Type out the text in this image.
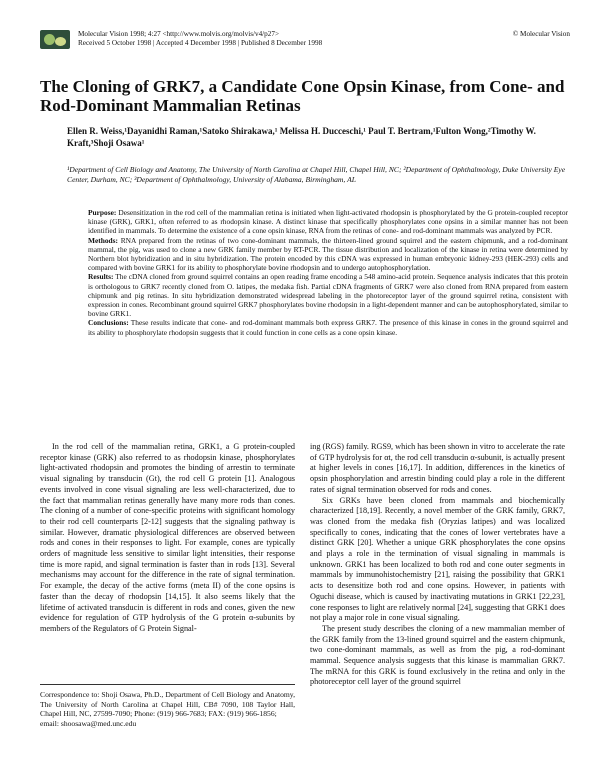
Molecular Vision 1998; 4:27 <http://www.molvis.org/molvis/v4/p27>
Received 5 October 1998 | Accepted 4 December 1998 | Published 8 December 1998
© Molecular Vision
The Cloning of GRK7, a Candidate Cone Opsin Kinase, from Cone- and Rod-Dominant Mammalian Retinas
Ellen R. Weiss,¹Dayanidhi Raman,¹Satoko Shirakawa,¹ Melissa H. Ducceschi,¹ Paul T. Bertram,¹Fulton Wong,²Timothy W. Kraft,³Shoji Osawa¹
¹Department of Cell Biology and Anatomy, The University of North Carolina at Chapel Hill, Chapel Hill, NC; ²Department of Ophthalmology, Duke University Eye Center, Durham, NC; ³Department of Ophthalmology, University of Alabama, Birmingham, AL

Purpose: Desensitization in the rod cell of the mammalian retina is initiated when light-activated rhodopsin is phosphorylated by the G protein-coupled receptor kinase (GRK), GRK1, often referred to as rhodopsin kinase. A distinct kinase that specifically phosphorylates cone opsins in a similar manner has not been identified in mammals. To determine the existence of a cone opsin kinase, RNA from the retinas of cone- and rod-dominant mammals was analyzed by PCR.

Methods: RNA prepared from the retinas of two cone-dominant mammals, the thirteen-lined ground squirrel and the eastern chipmunk, and a rod-dominant mammal, the pig, was used to clone a new GRK family member by RT-PCR. The tissue distribution and localization of the kinase in retina were determined by Northern blot hybridization and in situ hybridization. The protein encoded by this cDNA was expressed in human embryonic kidney-293 (HEK-293) cells and compared with bovine GRK1 for its ability to phosphorylate bovine rhodopsin and to undergo autophosphorylation.

Results: The cDNA cloned from ground squirrel contains an open reading frame encoding a 548 amino-acid protein. Sequence analysis indicates that this protein is orthologous to GRK7 recently cloned from O. latipes, the medaka fish. Partial cDNA fragments of GRK7 were also cloned from RNA prepared from eastern chipmunk and pig retinas. In situ hybridization demonstrated widespread labeling in the photoreceptor layer of the ground squirrel retina, consistent with expression in cones. Recombinant ground squirrel GRK7 phosphorylates bovine rhodopsin in a light-dependent manner and can be autophosphorylated, similar to bovine GRK1.

Conclusions: These results indicate that cone- and rod-dominant mammals both express GRK7. The presence of this kinase in cones in the ground squirrel and its ability to phosphorylate rhodopsin suggests that it could function in cone cells as a cone opsin kinase.

In the rod cell of the mammalian retina, GRK1, a G protein-coupled receptor kinase (GRK) also referred to as rhodopsin kinase, phosphorylates light-activated rhodopsin and promotes the binding of arrestin to terminate visual signaling by transducin (Gt), the rod cell G protein [1]. Analogous events involved in cone visual signaling are less well-characterized, due to the fact that mammalian retinas generally have many more rods than cones. The cloning of a number of cone-specific proteins with significant homology to their rod cell counterparts [2-12] suggests that the signaling pathway is similar. However, dramatic physiological differences are observed between rods and cones in their responses to light. For example, cones are typically orders of magnitude less sensitive to similar light intensities, their response time is more rapid, and signal termination is faster than in rods [13]. Several mechanisms may account for the difference in the rate of signal termination. For example, the decay of the active forms (meta II) of the cone opsins is faster than the decay of rhodopsin [14,15]. It also seems likely that the lifetime of activated transducin is different in rods and cones, given the new evidence for regulation of GTP hydrolysis of the G protein α-subunits by members of the Regulators of G Protein Signal-

ing (RGS) family. RGS9, which has been shown in vitro to accelerate the rate of GTP hydrolysis for αt, the rod cell transducin α-subunit, is actually present at higher levels in cones [16,17]. In addition, differences in the kinetics of opsin phosphorylation and arrestin binding could play a role in the different rates of signal termination observed for rods and cones.

Six GRKs have been cloned from mammals and biochemically characterized [18,19]. Recently, a novel member of the GRK family, GRK7, was cloned from the medaka fish (Oryzias latipes) and was localized specifically to cones, indicating that the cones of lower vertebrates have a distinct GRK [20]. Whether a unique GRK phosphorylates the cone opsins and plays a role in the termination of visual signaling in mammals is unknown. GRK1 has been localized to both rod and cone outer segments in mammals by immunohistochemistry [21], raising the possibility that GRK1 acts to desensitize both rod and cone opsins. However, in patients with Oguchi disease, which is caused by inactivating mutations in GRK1 [22,23], cone responses to light are relatively normal [24], suggesting that GRK1 does not play a major role in cone visual signaling.

The present study describes the cloning of a new mammalian member of the GRK family from the 13-lined ground squirrel and the eastern chipmunk, two cone-dominant mammals, as well as from the pig, a rod-dominant mammal. Sequence analysis suggests that this kinase is mammalian GRK7. The mRNA for this GRK is found exclusively in the retina and only in the photoreceptor cell layer of the ground squirrel

Correspondence to: Shoji Osawa, Ph.D., Department of Cell Biology and Anatomy, The University of North Carolina at Chapel Hill, CB# 7090, 108 Taylor Hall, Chapel Hill, NC, 27599-7090; Phone: (919) 966-7683; FAX: (919) 966-1856;

email: shoosawa@med.unc.edu
